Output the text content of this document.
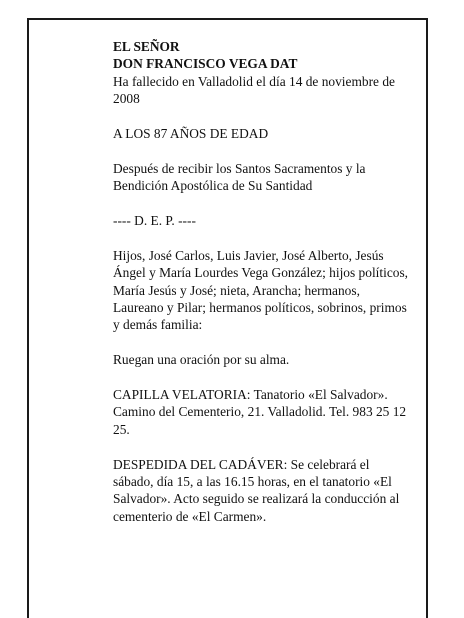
EL SEÑOR

DON FRANCISCO VEGA DAT

Ha fallecido en Valladolid el día 14 de noviembre de 2008

A LOS 87 AÑOS DE EDAD

Después de recibir los Santos Sacramentos y la Bendición Apostólica de Su Santidad

---- D. E. P. ----

Hijos, José Carlos, Luis Javier, José Alberto, Jesús Ángel y María Lourdes Vega González; hijos políticos, María Jesús y José; nieta, Arancha; hermanos, Laureano y Pilar; hermanos políticos, sobrinos, primos y demás familia:

Ruegan una oración por su alma.

CAPILLA VELATORIA: Tanatorio «El Salvador». Camino del Cementerio, 21. Valladolid. Tel. 983 25 12 25.

DESPEDIDA DEL CADÁVER: Se celebrará el sábado, día 15, a las 16.15 horas, en el tanatorio «El Salvador». Acto seguido se realizará la conducción al cementerio de «El Carmen».
